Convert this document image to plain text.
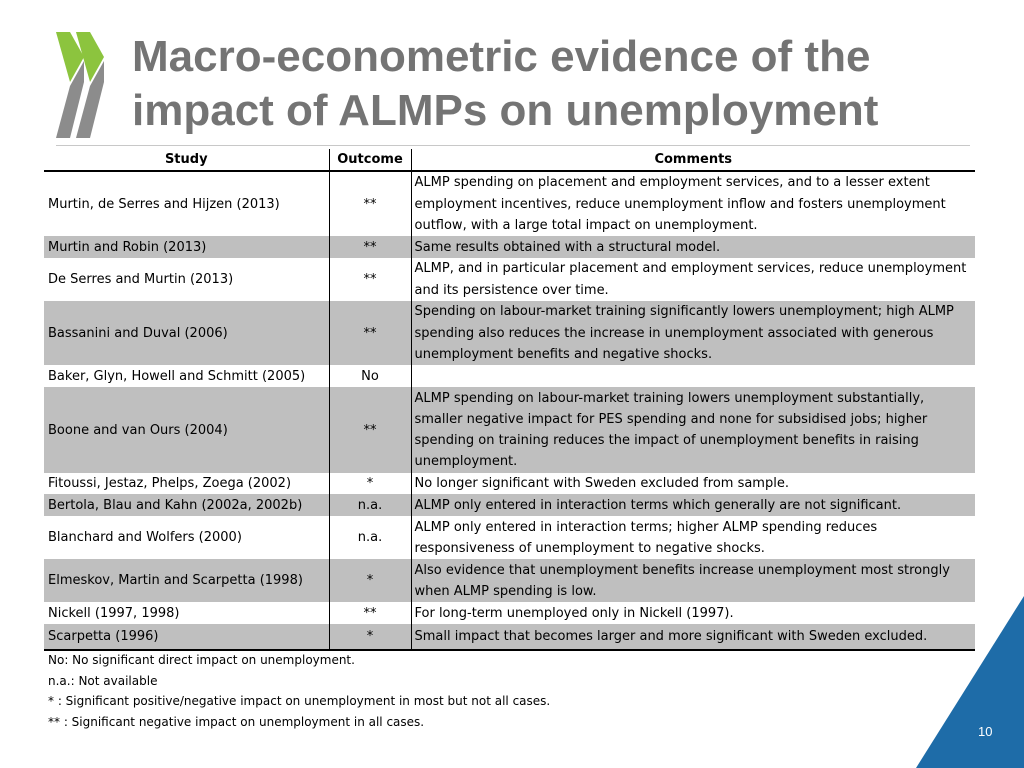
Macro-econometric evidence of the impact of ALMPs on unemployment
Study	Outcome	Comments
Murtin, de Serres and Hijzen (2013)	**	ALMP spending on placement and employment services, and to a lesser extent employment incentives, reduce unemployment inflow and fosters unemployment outflow, with a large total impact on unemployment.
Murtin and Robin (2013)	**	Same results obtained with a structural model.
De Serres and Murtin (2013)	**	ALMP, and in particular placement and employment services, reduce unemployment and its persistence over time.
Bassanini and Duval (2006)	**	Spending on labour-market training significantly lowers unemployment; high ALMP spending also reduces the increase in unemployment associated with generous unemployment benefits and negative shocks.
Baker, Glyn, Howell and Schmitt (2005)	No	
Boone and van Ours (2004)	**	ALMP spending on labour-market training lowers unemployment substantially, smaller negative impact for PES spending and none for subsidised jobs; higher spending on training reduces the impact of unemployment benefits in raising unemployment.
Fitoussi, Jestaz, Phelps, Zoega (2002)	*	No longer significant with Sweden excluded from sample.
Bertola, Blau and Kahn (2002a, 2002b)	n.a.	ALMP only entered in interaction terms which generally are not significant.
Blanchard and Wolfers (2000)	n.a.	ALMP only entered in interaction terms; higher ALMP spending reduces responsiveness of unemployment to negative shocks.
Elmeskov, Martin and Scarpetta (1998)	*	Also evidence that unemployment benefits increase unemployment most strongly when ALMP spending is low.
Nickell (1997, 1998)	**	For long-term unemployed only in Nickell (1997).
Scarpetta (1996)	*	Small impact that becomes larger and more significant with Sweden excluded.
No: No significant direct impact on unemployment.
n.a.: Not available
* : Significant positive/negative impact on unemployment in most but not all cases.
** : Significant negative impact on unemployment in all cases.
10
